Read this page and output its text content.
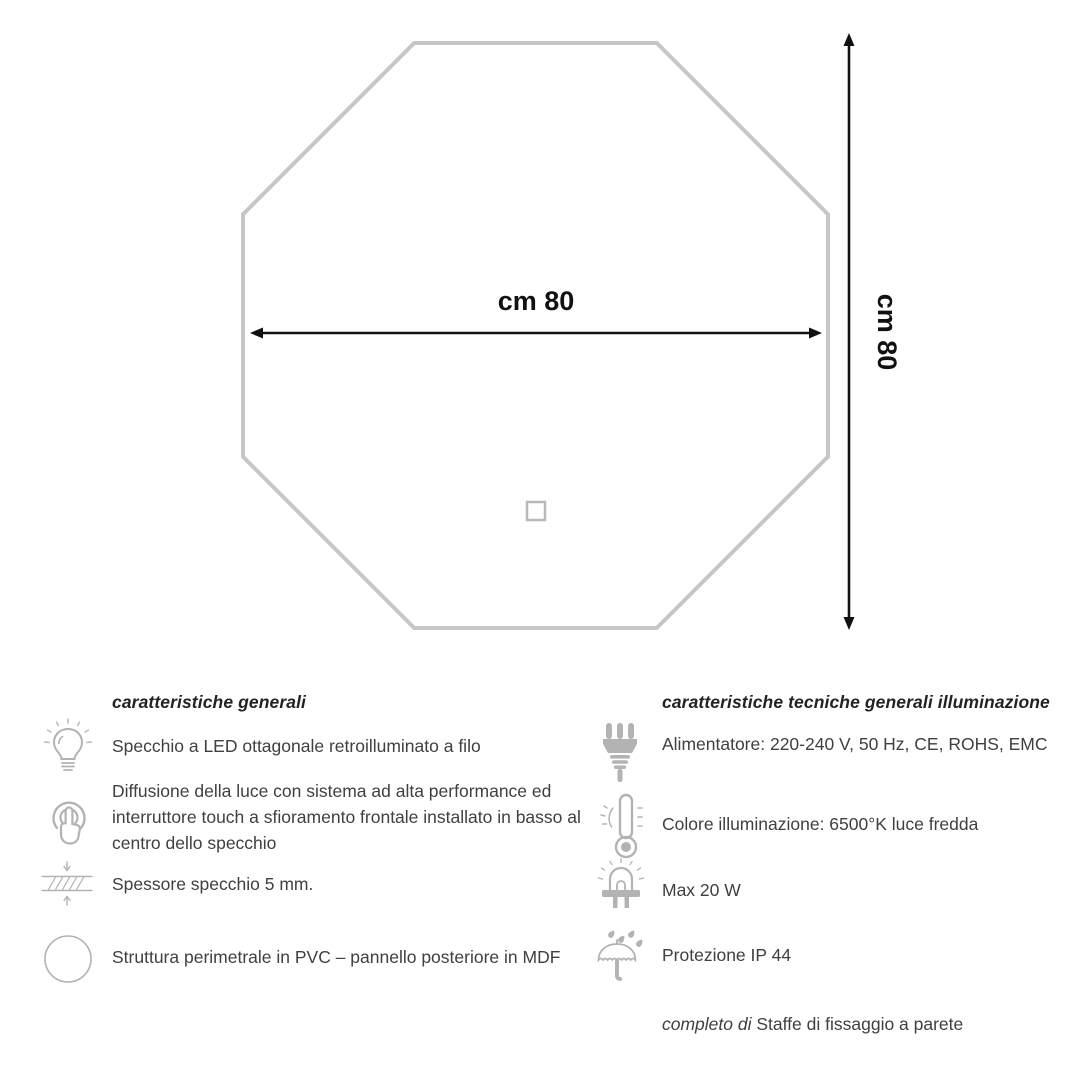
cm 80	cm 80
caratteristiche generali
Specchio a LED ottagonale retroilluminato a filo
Diffusione della luce con sistema ad alta performance ed interruttore touch a sfioramento frontale installato in basso al centro dello specchio
Spessore specchio 5 mm.
Struttura perimetrale in PVC – pannello posteriore in MDF
caratteristiche tecniche generali illuminazione
Alimentatore: 220-240 V, 50 Hz, CE, ROHS, EMC
Colore illuminazione: 6500°K luce fredda
Max 20 W
Protezione IP 44
completo di Staffe di fissaggio a parete
